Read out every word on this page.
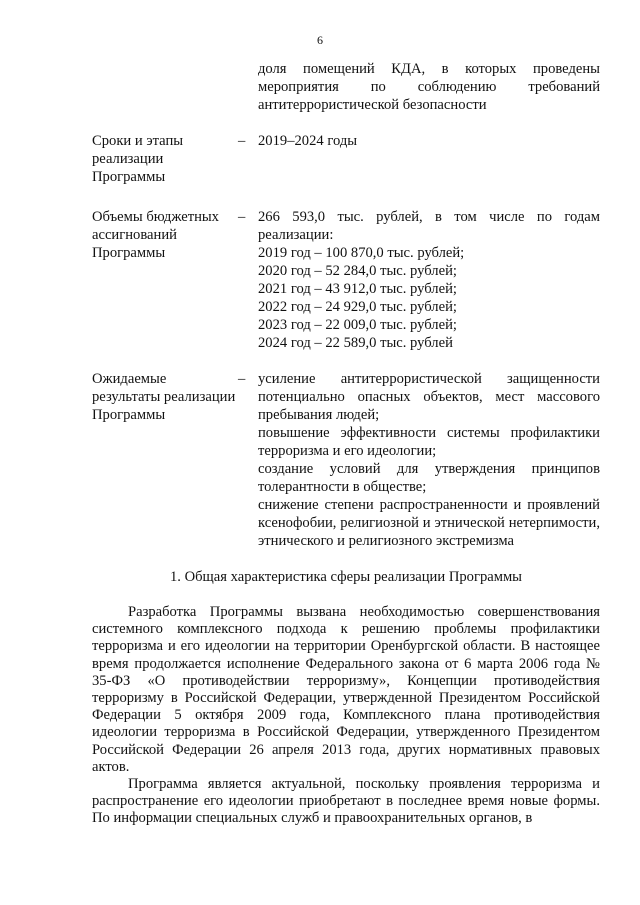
6
доля помещений КДА, в которых проведены мероприятия по соблюдению требований антитеррористической безопасности
Сроки и этапы реализации Программы
– 2019–2024 годы
Объемы бюджетных ассигнований Программы
– 266 593,0 тыс. рублей, в том числе по годам реализации:
2019 год – 100 870,0 тыс. рублей;
2020 год – 52 284,0 тыс. рублей;
2021 год – 43 912,0 тыс. рублей;
2022 год – 24 929,0 тыс. рублей;
2023 год – 22 009,0 тыс. рублей;
2024 год – 22 589,0 тыс. рублей
Ожидаемые результаты реализации Программы
– усиление антитеррористической защищенности потенциально опасных объектов, мест массового пребывания людей;
повышение эффективности системы профилактики терроризма и его идеологии;
создание условий для утверждения принципов толерантности в обществе;
снижение степени распространенности и проявлений ксенофобии, религиозной и этнической нетерпимости, этнического и религиозного экстремизма
1. Общая характеристика сферы реализации Программы

Разработка Программы вызвана необходимостью совершенствования системного комплексного подхода к решению проблемы профилактики терроризма и его идеологии на территории Оренбургской области. В настоящее время продолжается исполнение Федерального закона от 6 марта 2006 года № 35-ФЗ «О противодействии терроризму», Концепции противодействия терроризму в Российской Федерации, утвержденной Президентом Российской Федерации 5 октября 2009 года, Комплексного плана противодействия идеологии терроризма в Российской Федерации, утвержденного Президентом Российской Федерации 26 апреля 2013 года, других нормативных правовых актов.

Программа является актуальной, поскольку проявления терроризма и распространение его идеологии приобретают в последнее время новые формы. По информации специальных служб и правоохранительных органов, в
